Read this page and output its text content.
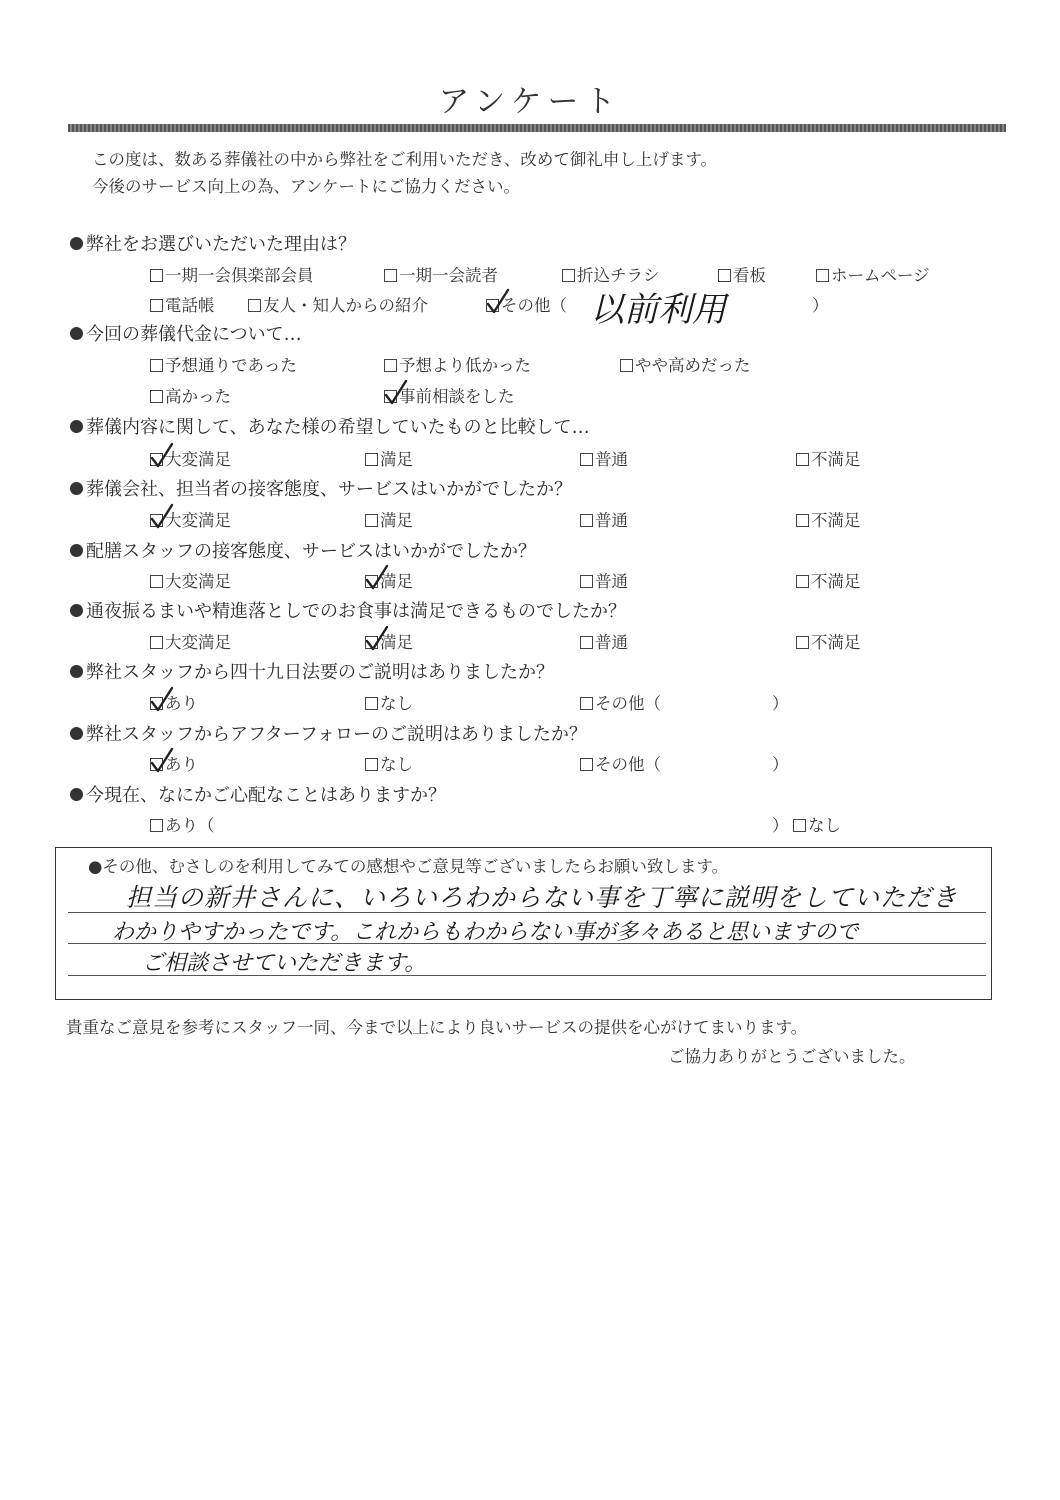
アンケート
この度は、数ある葬儀社の中から弊社をご利用いただき、改めて御礼申し上げます。
今後のサービス向上の為、アンケートにご協力ください。
弊社をお選びいただいた理由は？
一期一会倶楽部会員	一期一会読者	折込チラシ	看板	ホームページ
電話帳	友人・知人からの紹介	その他（ 以前利用	）
今回の葬儀代金について…
予想通りであった	予想より低かった	やや高めだった
高かった	事前相談をした
葬儀内容に関して、あなた様の希望していたものと比較して…
大変満足	満足	普通	不満足
葬儀会社、担当者の接客態度、サービスはいかがでしたか？
大変満足	満足	普通	不満足
配膳スタッフの接客態度、サービスはいかがでしたか？
大変満足	満足	普通	不満足
通夜振るまいや精進落としでのお食事は満足できるものでしたか？
大変満足	満足	普通	不満足
弊社スタッフから四十九日法要のご説明はありましたか？
あり	なし	その他（	）
弊社スタッフからアフターフォローのご説明はありましたか？
あり	なし	その他（	）
今現在、なにかご心配なことはありますか？
あり（	）	なし
●その他、むさしのを利用してみての感想やご意見等ございましたらお願い致します。
担当の新井さんに、いろいろわからない事を丁寧に説明をしていただき
わかりやすかったです。これからもわからない事が多々あると思いますので
ご相談させていただきます。
貴重なご意見を参考にスタッフ一同、今まで以上により良いサービスの提供を心がけてまいります。
ご協力ありがとうございました。
